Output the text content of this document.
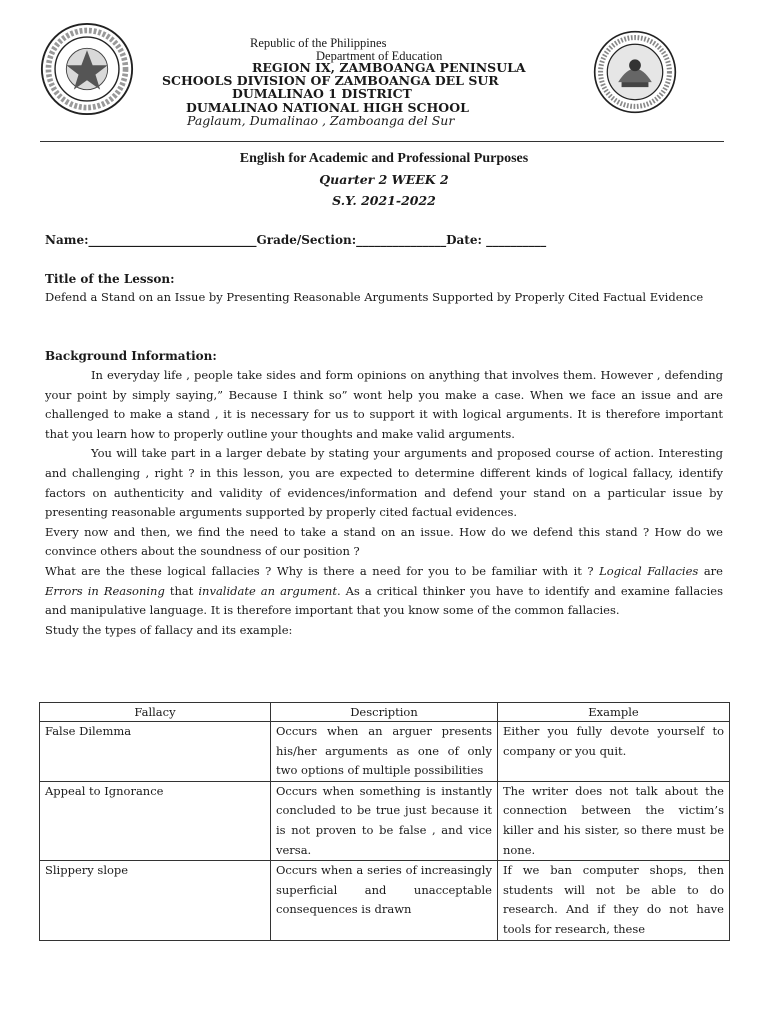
Republic of the Philippines
Department of Education
REGION IX, ZAMBOANGA PENINSULA
SCHOOLS DIVISION OF ZAMBOANGA DEL SUR
DUMALINAO 1 DISTRICT
DUMALINAO NATIONAL HIGH SCHOOL
Paglaum, Dumalinao , Zamboanga del Sur
English for Academic and Professional Purposes
Quarter 2 WEEK 2
S.Y. 2021-2022
Name:____________________________Grade/Section:_______________Date: __________
Title of the Lesson:

Defend a Stand on an Issue by Presenting Reasonable Arguments Supported by Properly Cited Factual Evidence

Background Information:

In everyday life , people take sides and form opinions on anything that involves them. However , defending your point by simply saying,” Because I think so” wont help you make a case. When we face an issue and are challenged to make a stand , it is necessary for us to support it with logical arguments. It is therefore important that you learn how to properly outline your thoughts and make valid arguments.

You will take part in a larger debate by stating your arguments and proposed course of action. Interesting and challenging , right ? in this lesson, you are expected to determine different kinds of logical fallacy, identify factors on authenticity and validity of evidences/information and defend your stand on a particular issue by presenting reasonable arguments supported by properly cited factual evidences.

Every now and then, we find the need to take a stand on an issue. How do we defend this stand ? How do we convince others about the soundness of our position ?

What are the these logical fallacies ? Why is there a need for you to be familiar with it ? Logical Fallacies are Errors in Reasoning that invalidate an argument. As a critical thinker you have to identify and examine fallacies and manipulative language. It is therefore important that you know some of the common fallacies.

Study the types of fallacy and its example:

Fallacy	Description	Example
False Dilemma	Occurs when an arguer presents his/her arguments as one of only two options of multiple possibilities	Either you fully devote yourself to company or you quit.
Appeal to Ignorance	Occurs when something is instantly concluded to be true just because it is not proven to be false , and vice versa.	The writer does not talk about the connection between the victim’s killer and his sister, so there must be none.
Slippery slope	Occurs when a series of increasingly superficial and unacceptable consequences is drawn	If we ban computer shops, then students will not be able to do research. And if they do not have tools for research, these
